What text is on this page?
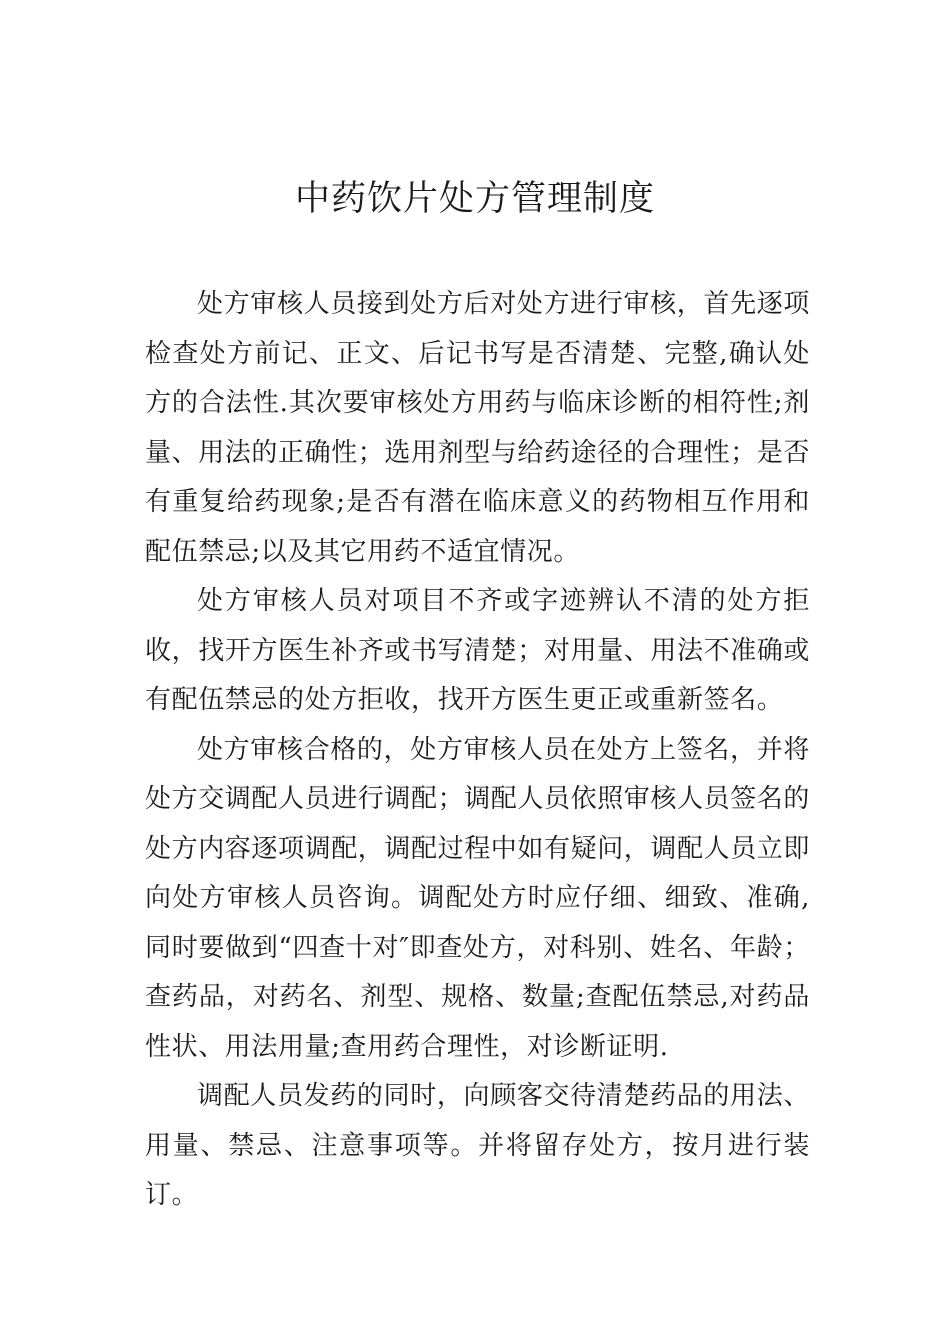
中药饮片处方管理制度

处方审核人员接到处方后对处方进行审核，首先逐项检查处方前记、正文、后记书写是否清楚、完整,确认处方的合法性.其次要审核处方用药与临床诊断的相符性;剂量、用法的正确性；选用剂型与给药途径的合理性；是否有重复给药现象;是否有潜在临床意义的药物相互作用和配伍禁忌;以及其它用药不适宜情况。

处方审核人员对项目不齐或字迹辨认不清的处方拒收，找开方医生补齐或书写清楚；对用量、用法不准确或有配伍禁忌的处方拒收，找开方医生更正或重新签名。

处方审核合格的，处方审核人员在处方上签名，并将处方交调配人员进行调配；调配人员依照审核人员签名的处方内容逐项调配，调配过程中如有疑问，调配人员立即向处方审核人员咨询。调配处方时应仔细、细致、准确,同时要做到“四查十对″即查处方，对科别、姓名、年龄；查药品，对药名、剂型、规格、数量;查配伍禁忌,对药品性状、用法用量;查用药合理性，对诊断证明.

调配人员发药的同时，向顾客交待清楚药品的用法、用量、禁忌、注意事项等。并将留存处方，按月进行装订。
